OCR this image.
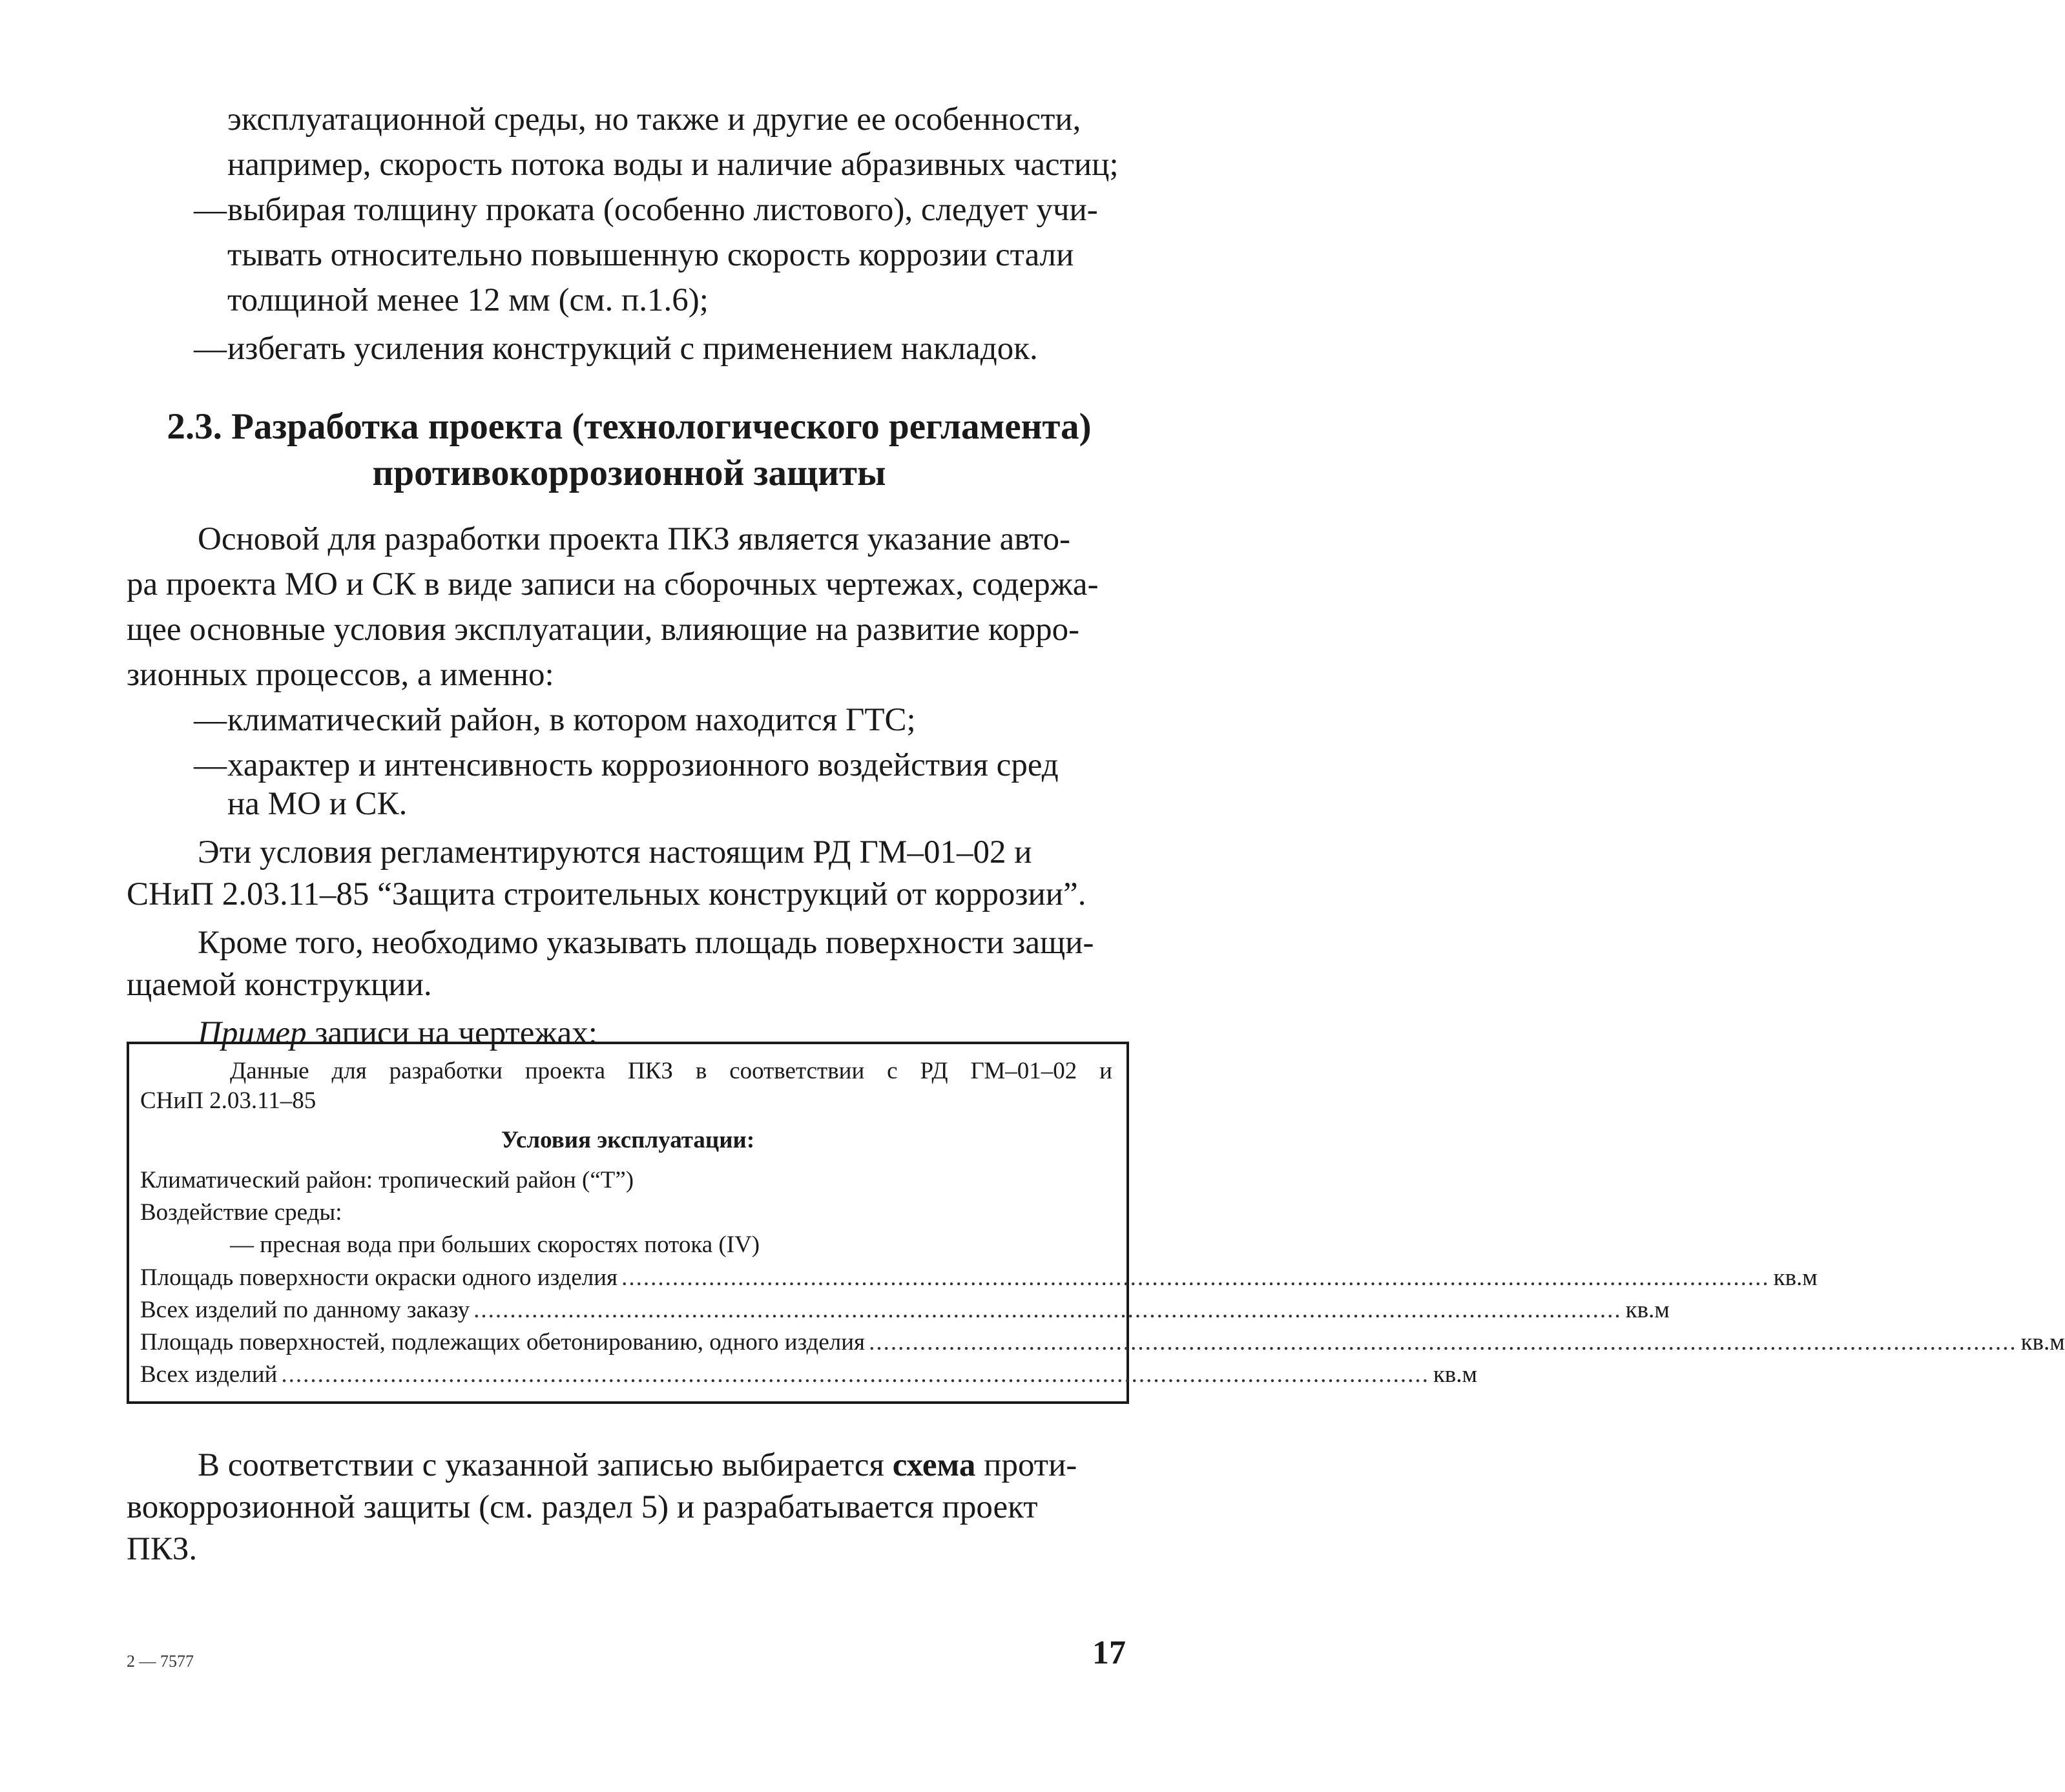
эксплуатационной среды, но также и другие ее особенности,
например, скорость потока воды и наличие абразивных частиц;
— выбирая толщину проката (особенно листового), следует учи-
тывать относительно повышенную скорость коррозии стали
толщиной менее 12 мм (см. п.1.6);
— избегать усиления конструкций с применением накладок.
2.3. Разработка проекта (технологического регламента)
противокоррозионной защиты
Основой для разработки проекта ПКЗ является указание авто-
ра проекта МО и СК в виде записи на сборочных чертежах, содержа-
щее основные условия эксплуатации, влияющие на развитие корро-
зионных процессов, а именно:
— климатический район, в котором находится ГТС;
— характер и интенсивность коррозионного воздействия сред
на МО и СК.
Эти условия регламентируются настоящим РД ГМ–01–02 и
СНиП 2.03.11–85 “Защита строительных конструкций от коррозии”.
Кроме того, необходимо указывать площадь поверхности защи-
щаемой конструкции.
Пример записи на чертежах:
Данные для разработки проекта ПКЗ в соответствии с РД ГМ–01–02 и
СНиП 2.03.11–85
Условия эксплуатации:
Климатический район: тропический район (“Т”)
Воздействие среды:
— пресная вода при больших скоростях потока (IV)
Площадь поверхности окраски одного изделия .............................................................................................................................................................. кв.м
Всех изделий по данному заказу .............................................................................................................................................................. кв.м
Площадь поверхностей, подлежащих обетонированию, одного изделия .............................................................................................................................................................. кв.м
Всех изделий .............................................................................................................................................................. кв.м
В соответствии с указанной записью выбирается схема проти-
вокоррозионной защиты (см. раздел 5) и разрабатывается проект
ПКЗ.
2 –– 7577	17
